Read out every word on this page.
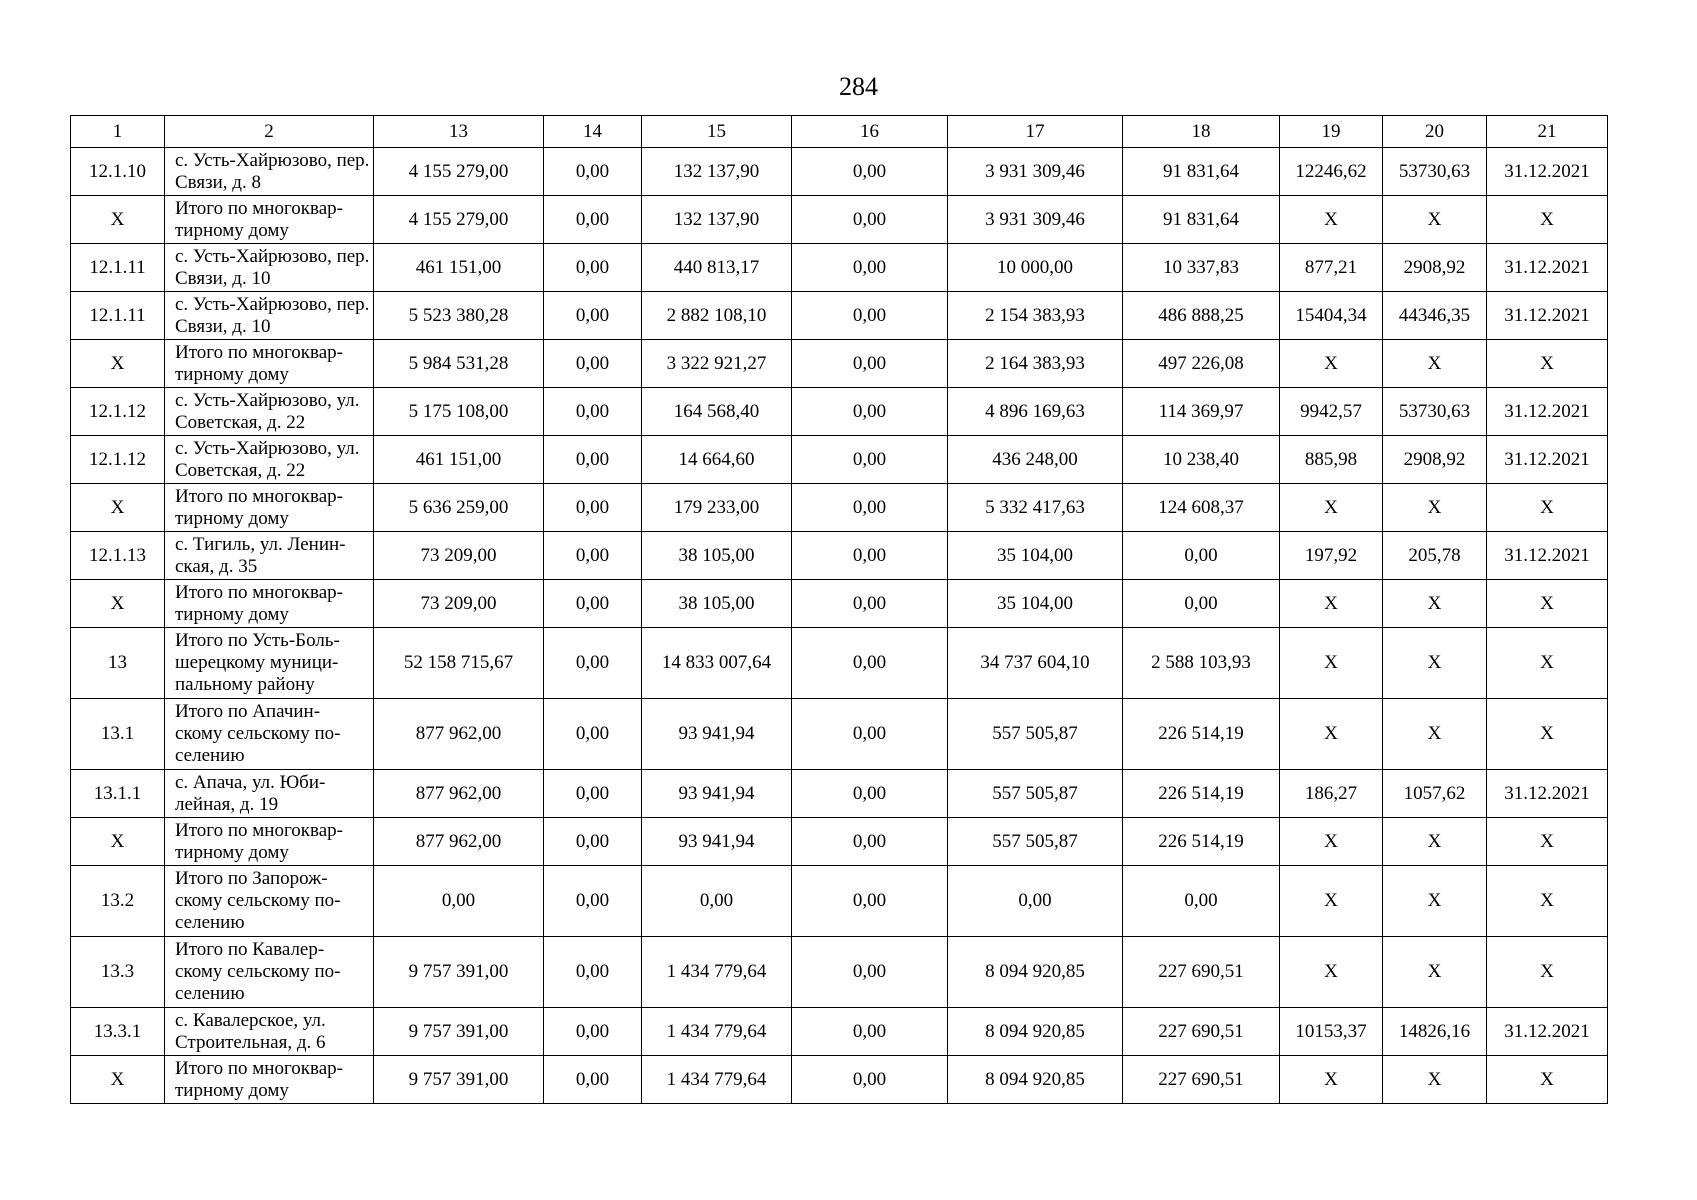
284
1	2	13	14	15	16	17	18	19	20	21
12.1.10	с. Усть-Хайрюзово, пер. Связи, д. 8	4 155 279,00	0,00	132 137,90	0,00	3 931 309,46	91 831,64	12246,62	53730,63	31.12.2021
X	Итого по многоквар- тирному дому	4 155 279,00	0,00	132 137,90	0,00	3 931 309,46	91 831,64	X	X	X
12.1.11	с. Усть-Хайрюзово, пер. Связи, д. 10	461 151,00	0,00	440 813,17	0,00	10 000,00	10 337,83	877,21	2908,92	31.12.2021
12.1.11	с. Усть-Хайрюзово, пер. Связи, д. 10	5 523 380,28	0,00	2 882 108,10	0,00	2 154 383,93	486 888,25	15404,34	44346,35	31.12.2021
X	Итого по многоквар- тирному дому	5 984 531,28	0,00	3 322 921,27	0,00	2 164 383,93	497 226,08	X	X	X
12.1.12	с. Усть-Хайрюзово, ул. Советская, д. 22	5 175 108,00	0,00	164 568,40	0,00	4 896 169,63	114 369,97	9942,57	53730,63	31.12.2021
12.1.12	с. Усть-Хайрюзово, ул. Советская, д. 22	461 151,00	0,00	14 664,60	0,00	436 248,00	10 238,40	885,98	2908,92	31.12.2021
X	Итого по многоквар- тирному дому	5 636 259,00	0,00	179 233,00	0,00	5 332 417,63	124 608,37	X	X	X
12.1.13	с. Тигиль, ул. Ленин- ская, д. 35	73 209,00	0,00	38 105,00	0,00	35 104,00	0,00	197,92	205,78	31.12.2021
X	Итого по многоквар- тирному дому	73 209,00	0,00	38 105,00	0,00	35 104,00	0,00	X	X	X
13	Итого по Усть-Боль- шерецкому муници- пальному району	52 158 715,67	0,00	14 833 007,64	0,00	34 737 604,10	2 588 103,93	X	X	X
13.1	Итого по Апачин- скому сельскому по- селению	877 962,00	0,00	93 941,94	0,00	557 505,87	226 514,19	X	X	X
13.1.1	с. Апача, ул. Юби- лейная, д. 19	877 962,00	0,00	93 941,94	0,00	557 505,87	226 514,19	186,27	1057,62	31.12.2021
X	Итого по многоквар- тирному дому	877 962,00	0,00	93 941,94	0,00	557 505,87	226 514,19	X	X	X
13.2	Итого по Запорож- скому сельскому по- селению	0,00	0,00	0,00	0,00	0,00	0,00	X	X	X
13.3	Итого по Кавалер- скому сельскому по- селению	9 757 391,00	0,00	1 434 779,64	0,00	8 094 920,85	227 690,51	X	X	X
13.3.1	с. Кавалерское, ул. Строительная, д. 6	9 757 391,00	0,00	1 434 779,64	0,00	8 094 920,85	227 690,51	10153,37	14826,16	31.12.2021
X	Итого по многоквар- тирному дому	9 757 391,00	0,00	1 434 779,64	0,00	8 094 920,85	227 690,51	X	X	X
